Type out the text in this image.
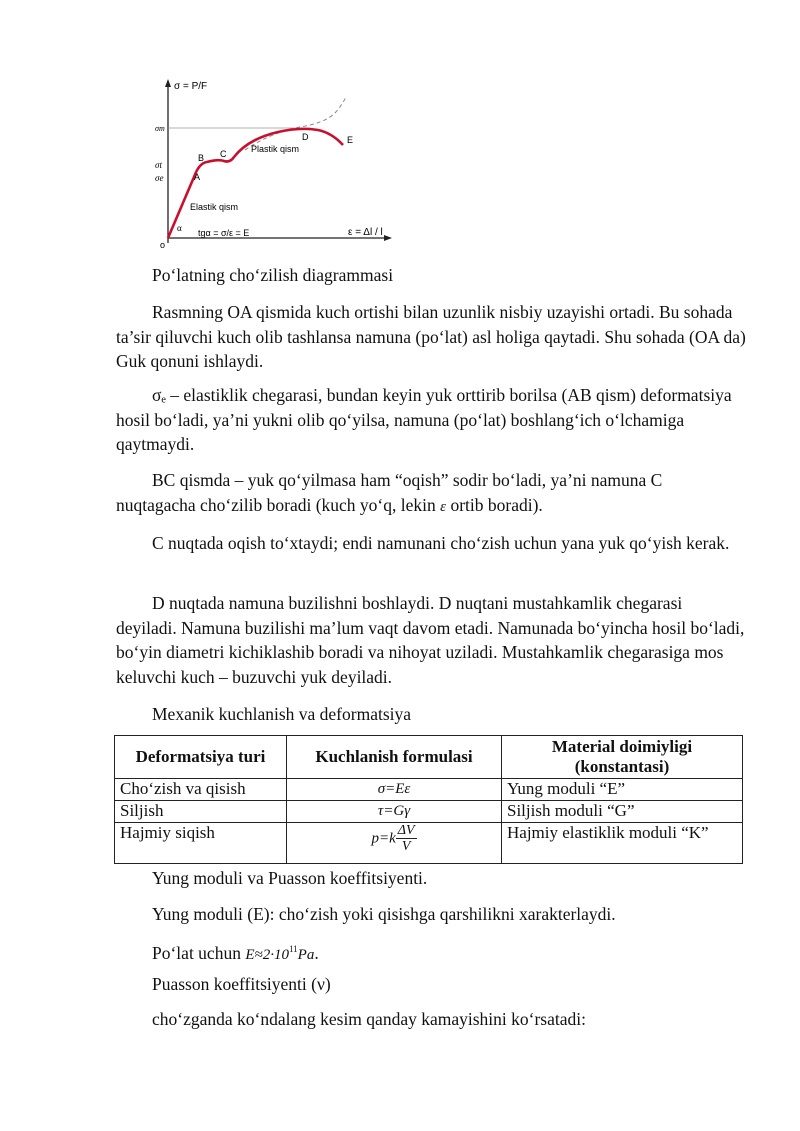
σ = P/F
ε = Δl / l
o
σm
σt
σe	A
B C
D	E
Plastik qism
Elastik qism
α tgα = σ/ε = E

Po‘latning cho‘zilish diagrammasi

Rasmning OA qismida kuch ortishi bilan uzunlik nisbiy uzayishi ortadi. Bu sohada ta’sir qiluvchi kuch olib tashlansa namuna (po‘lat) asl holiga qaytadi. Shu sohada (OA da) Guk qonuni ishlaydi.

σₑ – elastiklik chegarasi, bundan keyin yuk orttirib borilsa (AB qism) deformatsiya hosil bo‘ladi, ya’ni yukni olib qo‘yilsa, namuna (po‘lat) boshlang‘ich o‘lchamiga qaytmaydi.

BC qismda – yuk qo‘yilmasa ham “oqish” sodir bo‘ladi, ya’ni namuna C nuqtagacha cho‘zilib boradi (kuch yo‘q, lekin ε ortib boradi).

C nuqtada oqish to‘xtaydi; endi namunani cho‘zish uchun yana yuk qo‘yish kerak.

D nuqtada namuna buzilishni boshlaydi. D nuqtani mustahkamlik chegarasi deyiladi. Namuna buzilishi ma’lum vaqt davom etadi. Namunada bo‘yincha hosil bo‘ladi, bo‘yin diametri kichiklashib boradi va nihoyat uziladi. Mustahkamlik chegarasiga mos keluvchi kuch – buzuvchi yuk deyiladi.

Mexanik kuchlanish va deformatsiya

Deformatsiya turi	Kuchlanish formulasi	Material doimiyligi (konstantasi)
Cho‘zish va qisish	σ=Eε	Yung moduli “E”
Siljish	τ=Gγ	Siljish moduli “G”
Hajmiy siqish	$p=k \frac{\Delta V}{V}$	Hajmiy elastiklik moduli “K”

Yung moduli va Puasson koeffitsiyenti.

Yung moduli (E): cho‘zish yoki qisishga qarshilikni xarakterlaydi.

Po‘lat uchun $E\approx 2\cdot 10^{11}Pa$.

Puasson koeffitsiyenti (ν)

cho‘zganda ko‘ndalang kesim qanday kamayishini ko‘rsatadi:
